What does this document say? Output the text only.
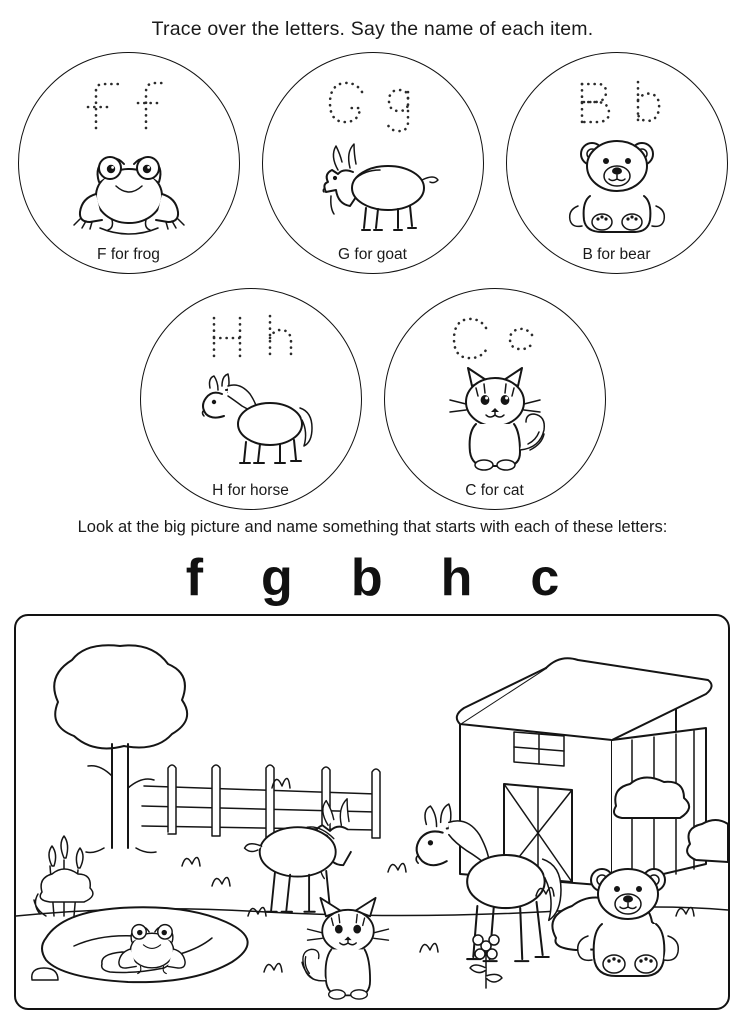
Trace over the letters. Say the name of each item.
F for frog	G for goat	B for bear
H for horse	C for cat
Look at the big picture and name something that starts with each of these letters:
f g b h c
